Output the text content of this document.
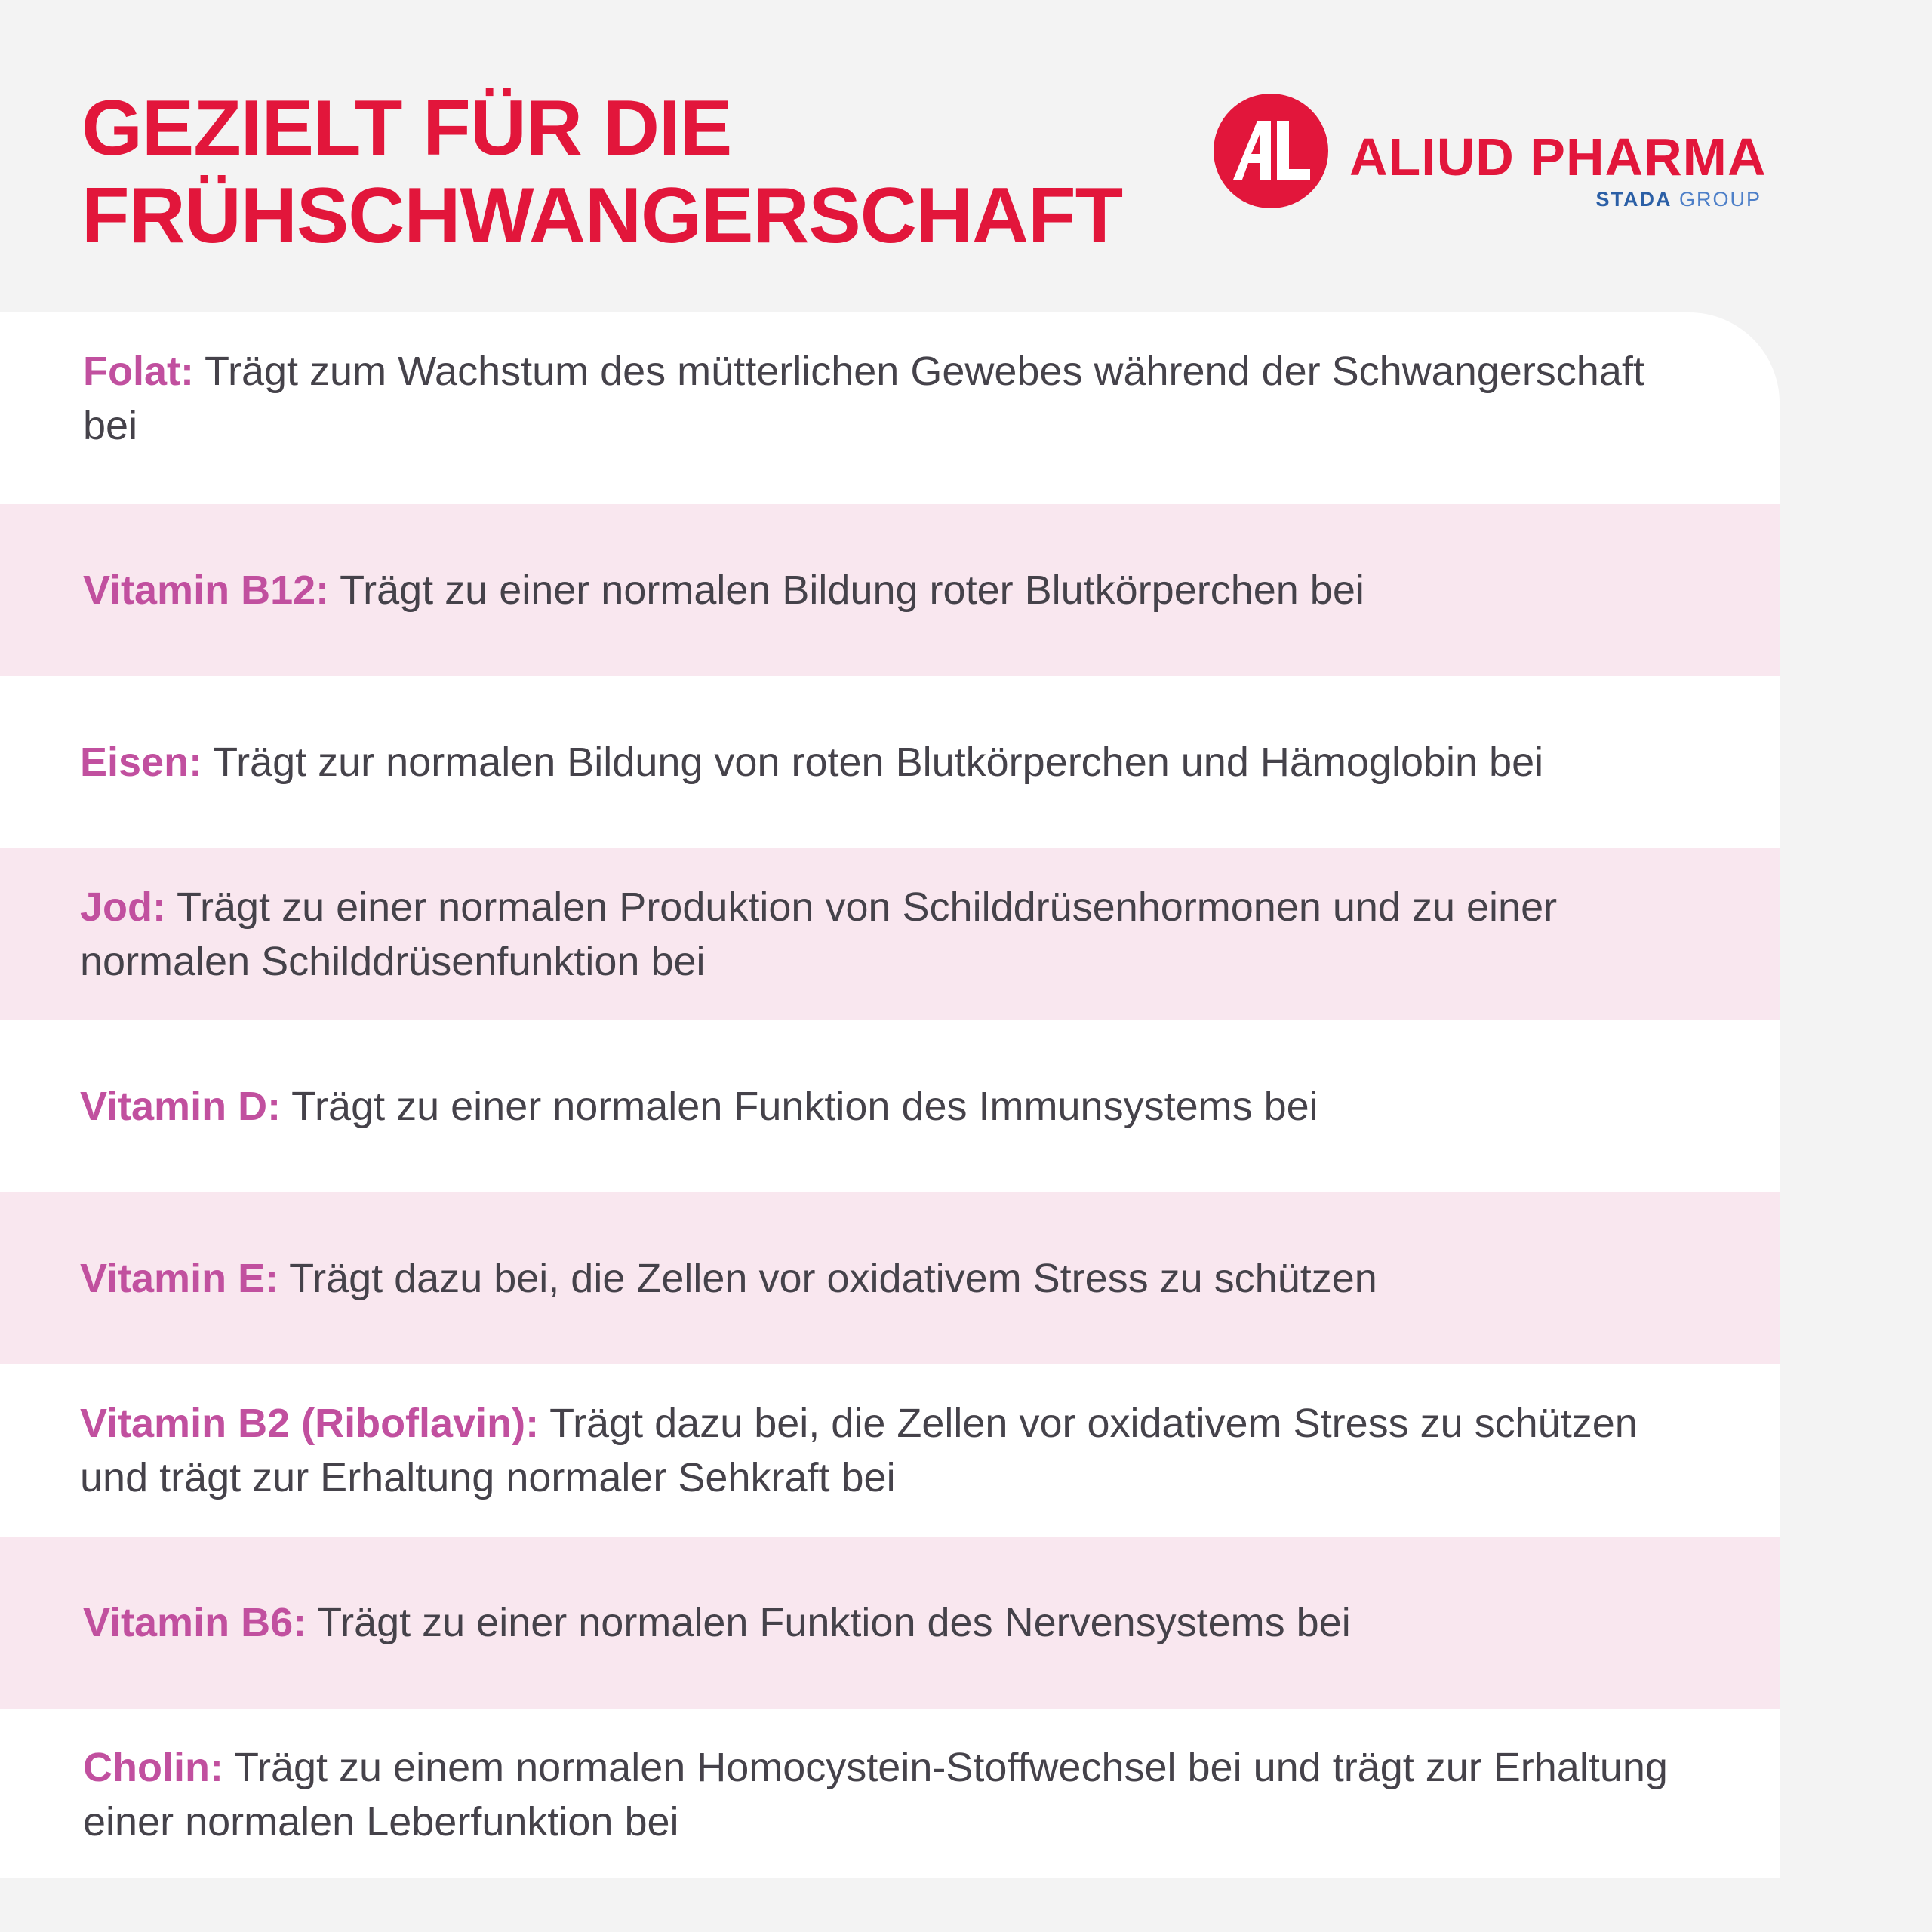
GEZIELT FÜR DIE
FRÜHSCHWANGERSCHAFT
ALIUD PHARMA
STADA GROUP

Folat: Trägt zum Wachstum des mütterlichen Gewebes während der Schwangerschaft bei

Vitamin B12: Trägt zu einer normalen Bildung roter Blutkörperchen bei

Eisen: Trägt zur normalen Bildung von roten Blutkörperchen und Hämoglobin bei

Jod: Trägt zu einer normalen Produktion von Schilddrüsenhormonen und zu einer normalen Schilddrüsenfunktion bei

Vitamin D: Trägt zu einer normalen Funktion des Immunsystems bei

Vitamin E: Trägt dazu bei, die Zellen vor oxidativem Stress zu schützen

Vitamin B2 (Riboflavin): Trägt dazu bei, die Zellen vor oxidativem Stress zu schützen und trägt zur Erhaltung normaler Sehkraft bei

Vitamin B6: Trägt zu einer normalen Funktion des Nervensystems bei

Cholin: Trägt zu einem normalen Homocystein-Stoffwechsel bei und trägt zur Erhaltung einer normalen Leberfunktion bei
